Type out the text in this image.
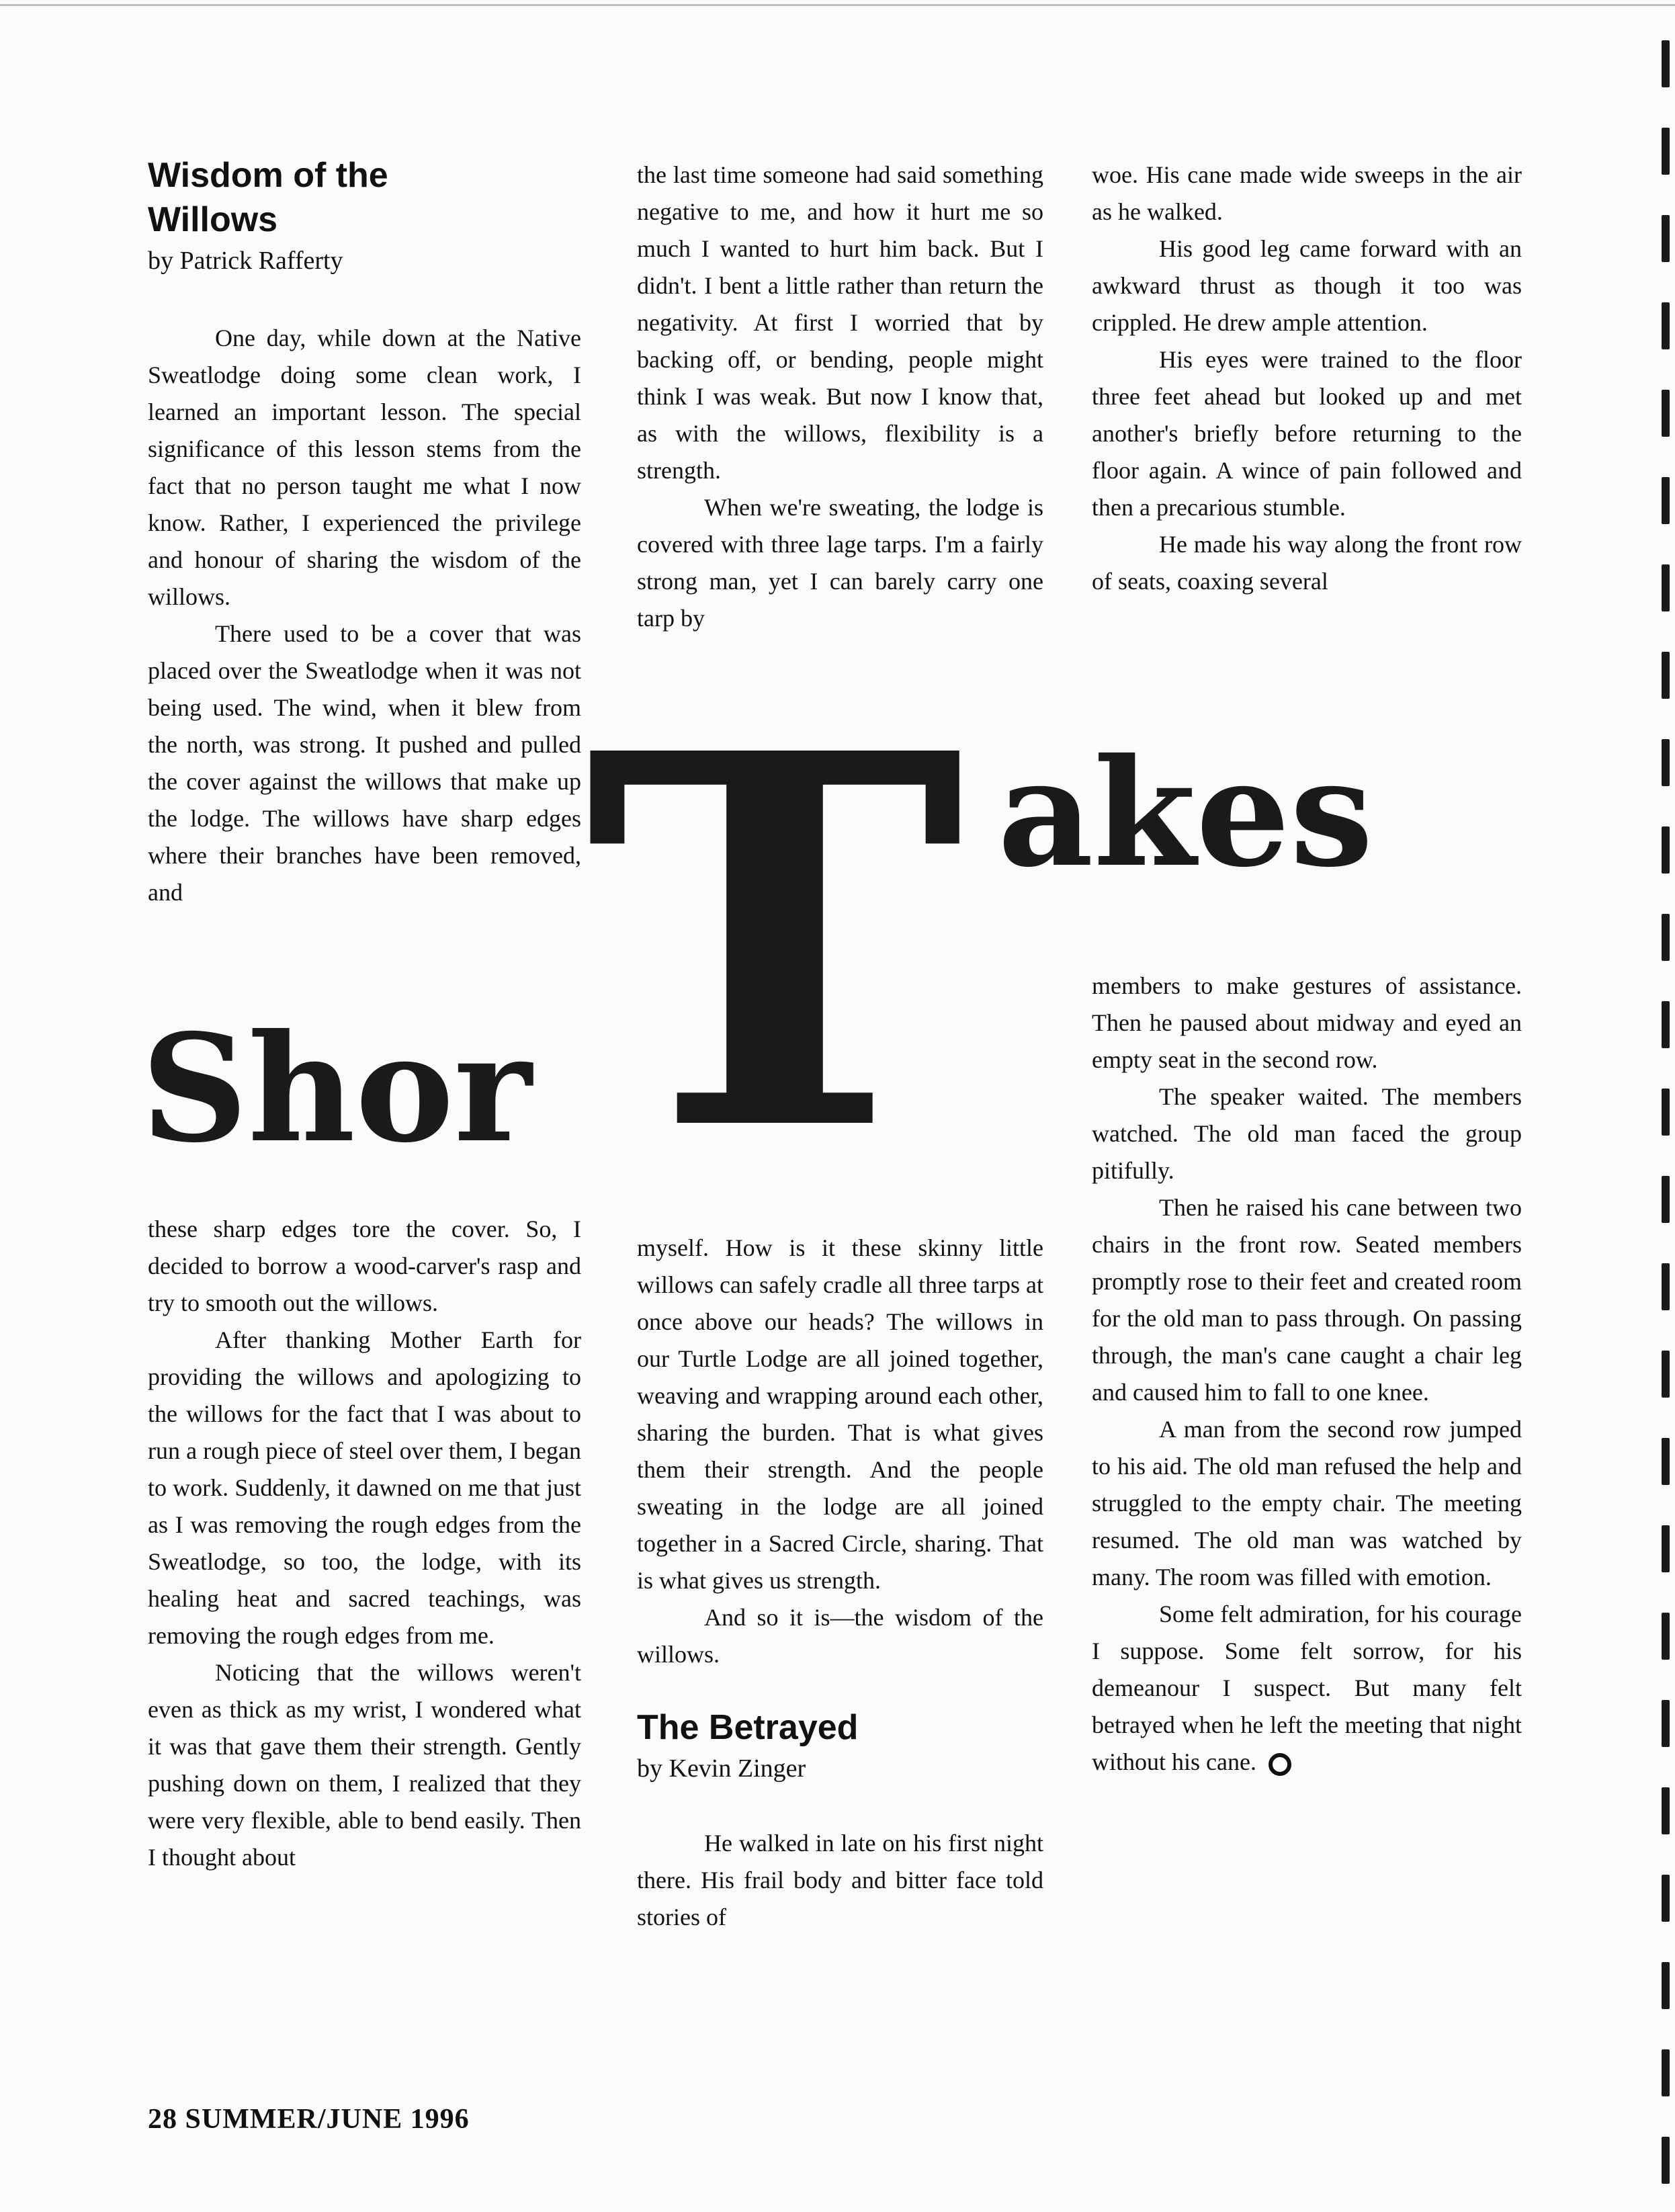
Wisdom of the
Willows
by Patrick Rafferty

One day, while down at the Native Sweatlodge doing some clean work, I learned an important lesson. The special significance of this lesson stems from the fact that no person taught me what I now know. Rather, I experienced the privilege and honour of sharing the wisdom of the willows.

There used to be a cover that was placed over the Sweatlodge when it was not being used. The wind, when it blew from the north, was strong. It pushed and pulled the cover against the willows that make up the lodge. The willows have sharp edges where their branches have been removed, and

these sharp edges tore the cover. So, I decided to borrow a wood-carver's rasp and try to smooth out the willows.

After thanking Mother Earth for providing the willows and apologizing to the willows for the fact that I was about to run a rough piece of steel over them, I began to work. Suddenly, it dawned on me that just as I was removing the rough edges from the Sweatlodge, so too, the lodge, with its healing heat and sacred teachings, was removing the rough edges from me.

Noticing that the willows weren't even as thick as my wrist, I wondered what it was that gave them their strength. Gently pushing down on them, I realized that they were very flexible, able to bend easily. Then I thought about

the last time someone had said something negative to me, and how it hurt me so much I wanted to hurt him back. But I didn't. I bent a little rather than return the negativity. At first I worried that by backing off, or bending, people might think I was weak. But now I know that, as with the willows, flexibility is a strength.

When we're sweating, the lodge is covered with three lage tarps. I'm a fairly strong man, yet I can barely carry one tarp by

myself. How is it these skinny little willows can safely cradle all three tarps at once above our heads? The willows in our Turtle Lodge are all joined together, weaving and wrapping around each other, sharing the burden. That is what gives them their strength. And the people sweating in the lodge are all joined together in a Sacred Circle, sharing. That is what gives us strength.

And so it is—the wisdom of the willows.

The Betrayed
by Kevin Zinger

He walked in late on his first night there. His frail body and bitter face told stories of

woe. His cane made wide sweeps in the air as he walked.

His good leg came forward with an awkward thrust as though it too was crippled. He drew ample attention.

His eyes were trained to the floor three feet ahead but looked up and met another's briefly before returning to the floor again. A wince of pain followed and then a precarious stumble.

He made his way along the front row of seats, coaxing several

members to make gestures of assistance. Then he paused about midway and eyed an empty seat in the second row.

The speaker waited. The members watched. The old man faced the group pitifully.

Then he raised his cane between two chairs in the front row. Seated members promptly rose to their feet and created room for the old man to pass through. On passing through, the man's cane caught a chair leg and caused him to fall to one knee.

A man from the second row jumped to his aid. The old man refused the help and struggled to the empty chair. The meeting resumed. The old man was watched by many. The room was filled with emotion.

Some felt admiration, for his courage I suppose. Some felt sorrow, for his demeanour I suspect. But many felt betrayed when he left the meeting that night without his cane.

T akes
Shor
28 SUMMER/JUNE 1996
